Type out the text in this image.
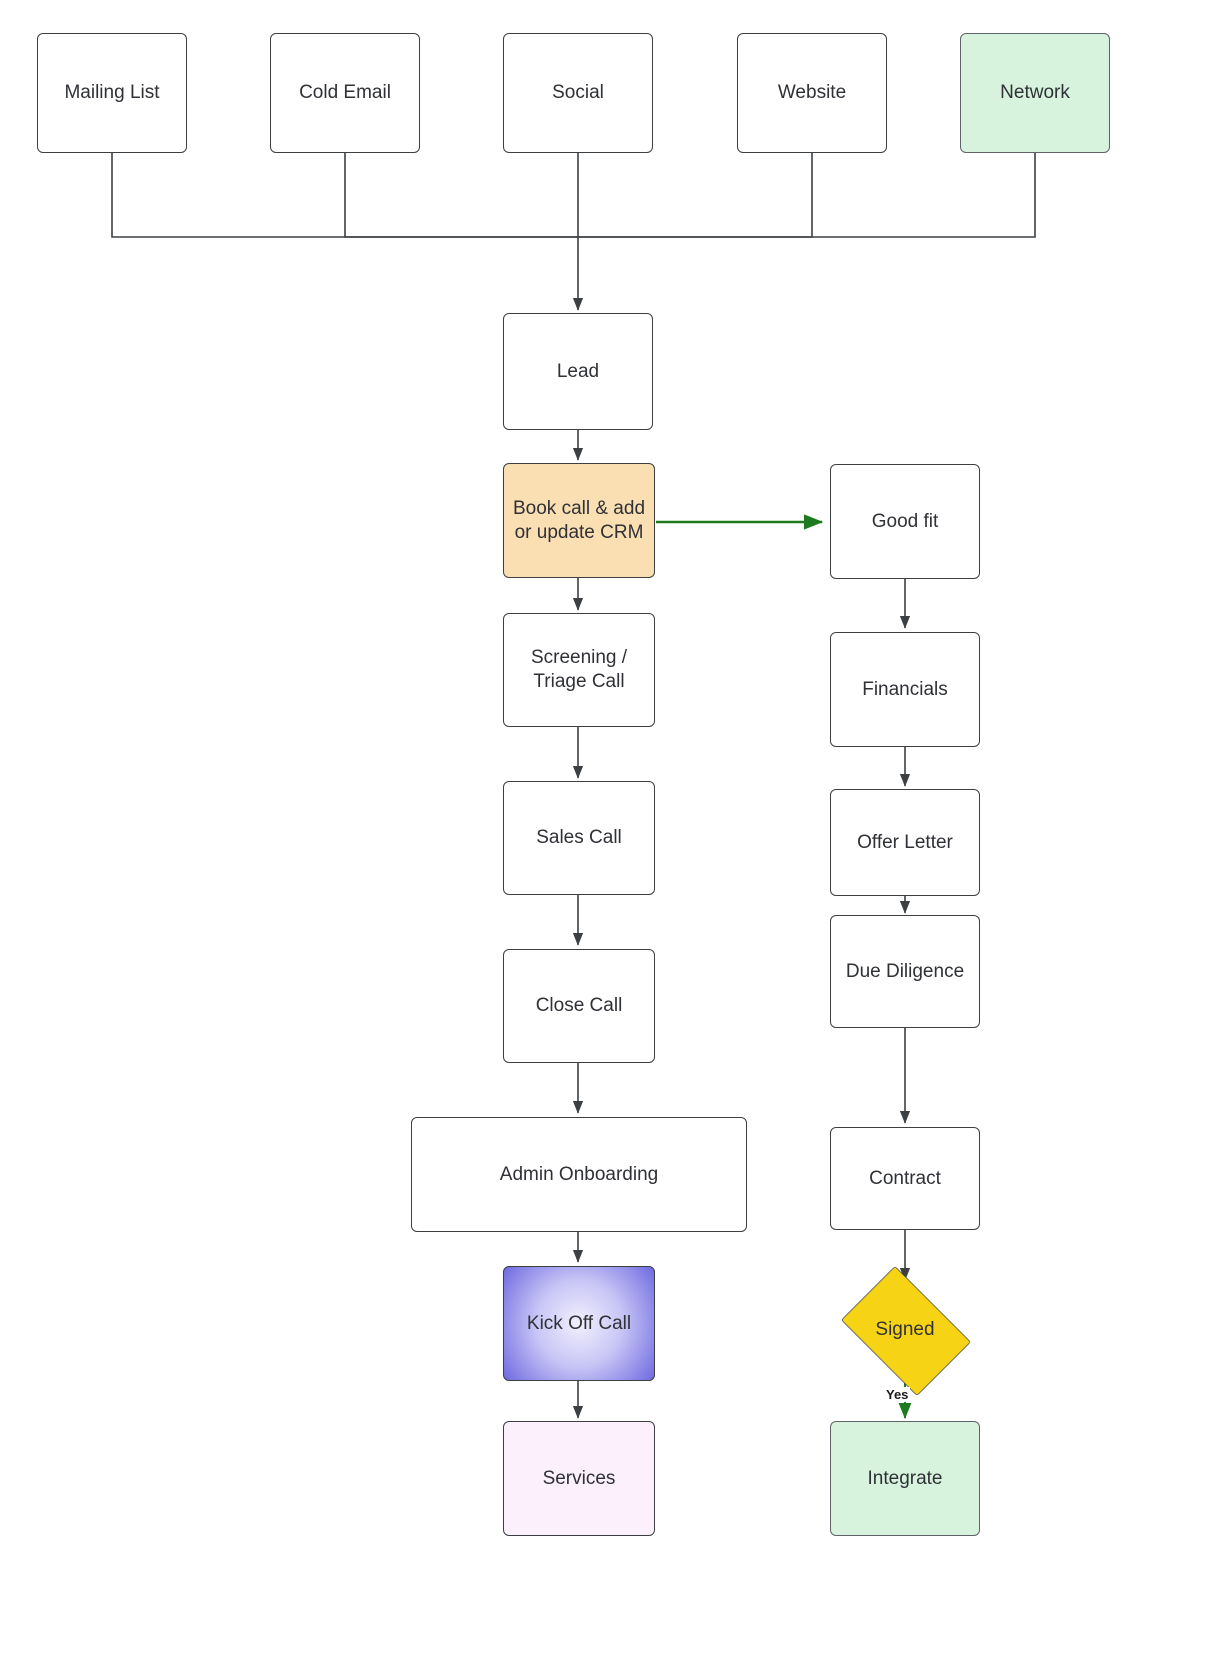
Mailing List	Cold Email	Social	Website	Network
Lead
Book call & add or update CRM
Screening / Triage Call
Sales Call
Close Call
Admin Onboarding
Kick Off Call
Services
Good fit
Financials
Offer Letter
Due Diligence
Contract
Signed
Yes
Integrate
